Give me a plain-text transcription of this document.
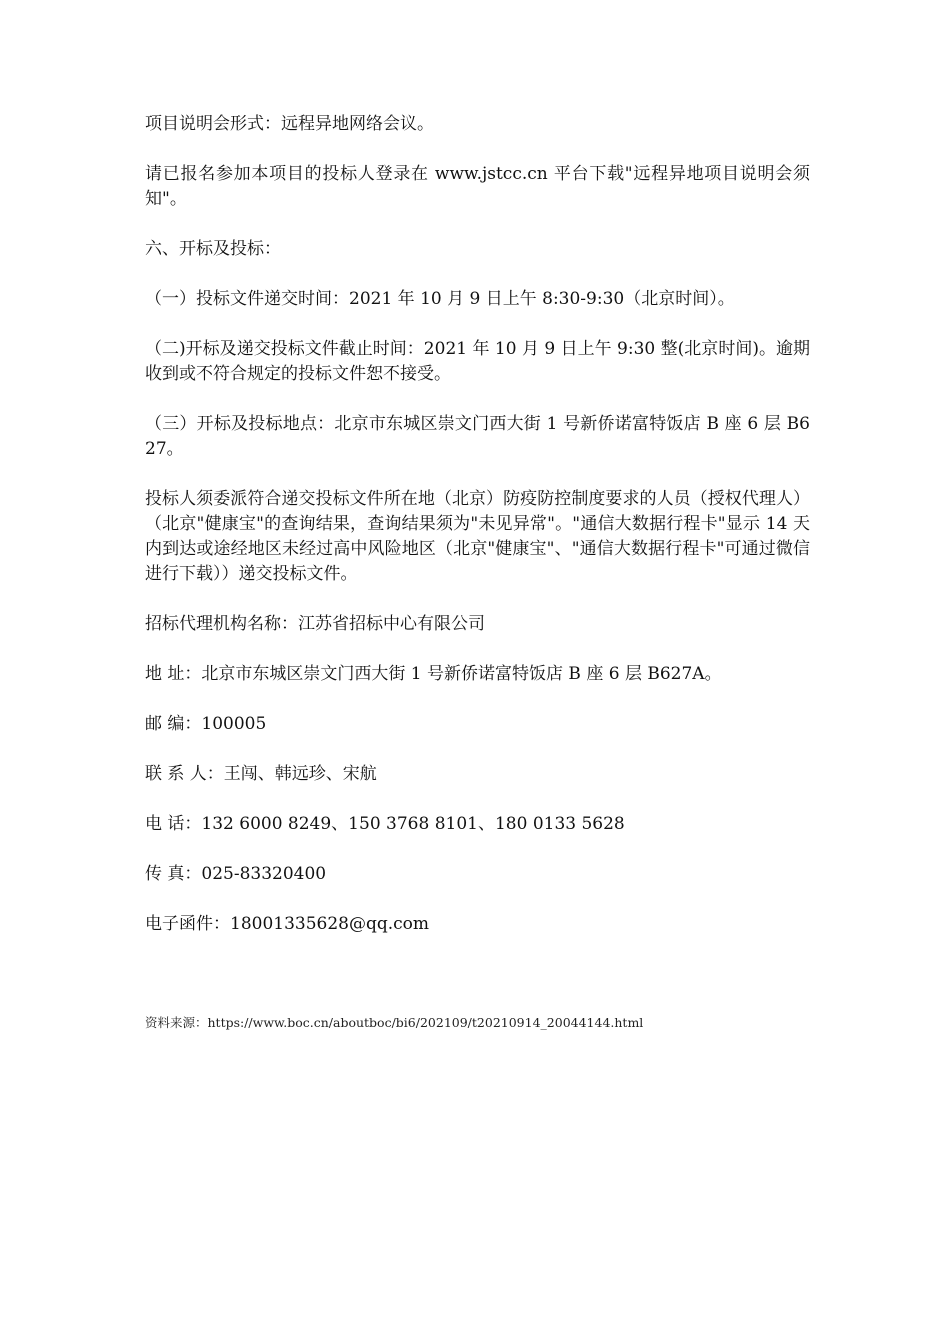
项目说明会形式：远程异地网络会议。

请已报名参加本项目的投标人登录在 www.jstcc.cn 平台下载"远程异地项目说明会须知"。

六、开标及投标：

（一）投标文件递交时间：2021 年 10 月 9 日上午 8:30-9:30（北京时间）。

（二)开标及递交投标文件截止时间：2021 年 10 月 9 日上午 9:30 整(北京时间)。逾期收到或不符合规定的投标文件恕不接受。

（三）开标及投标地点：北京市东城区崇文门西大街 1 号新侨诺富特饭店 B 座 6 层 B627。

投标人须委派符合递交投标文件所在地（北京）防疫防控制度要求的人员（授权代理人）（北京"健康宝"的查询结果，查询结果须为"未见异常"。"通信大数据行程卡"显示 14 天内到达或途经地区未经过高中风险地区（北京"健康宝"、"通信大数据行程卡"可通过微信进行下载））递交投标文件。

招标代理机构名称：江苏省招标中心有限公司

地 址：北京市东城区崇文门西大街 1 号新侨诺富特饭店 B 座 6 层 B627A。

邮 编：100005

联 系 人：王闯、韩远珍、宋航

电 话：132 6000 8249、150 3768 8101、180 0133 5628

传 真：025-83320400

电子函件：18001335628@qq.com

资料来源：https://www.boc.cn/aboutboc/bi6/202109/t20210914_20044144.html
